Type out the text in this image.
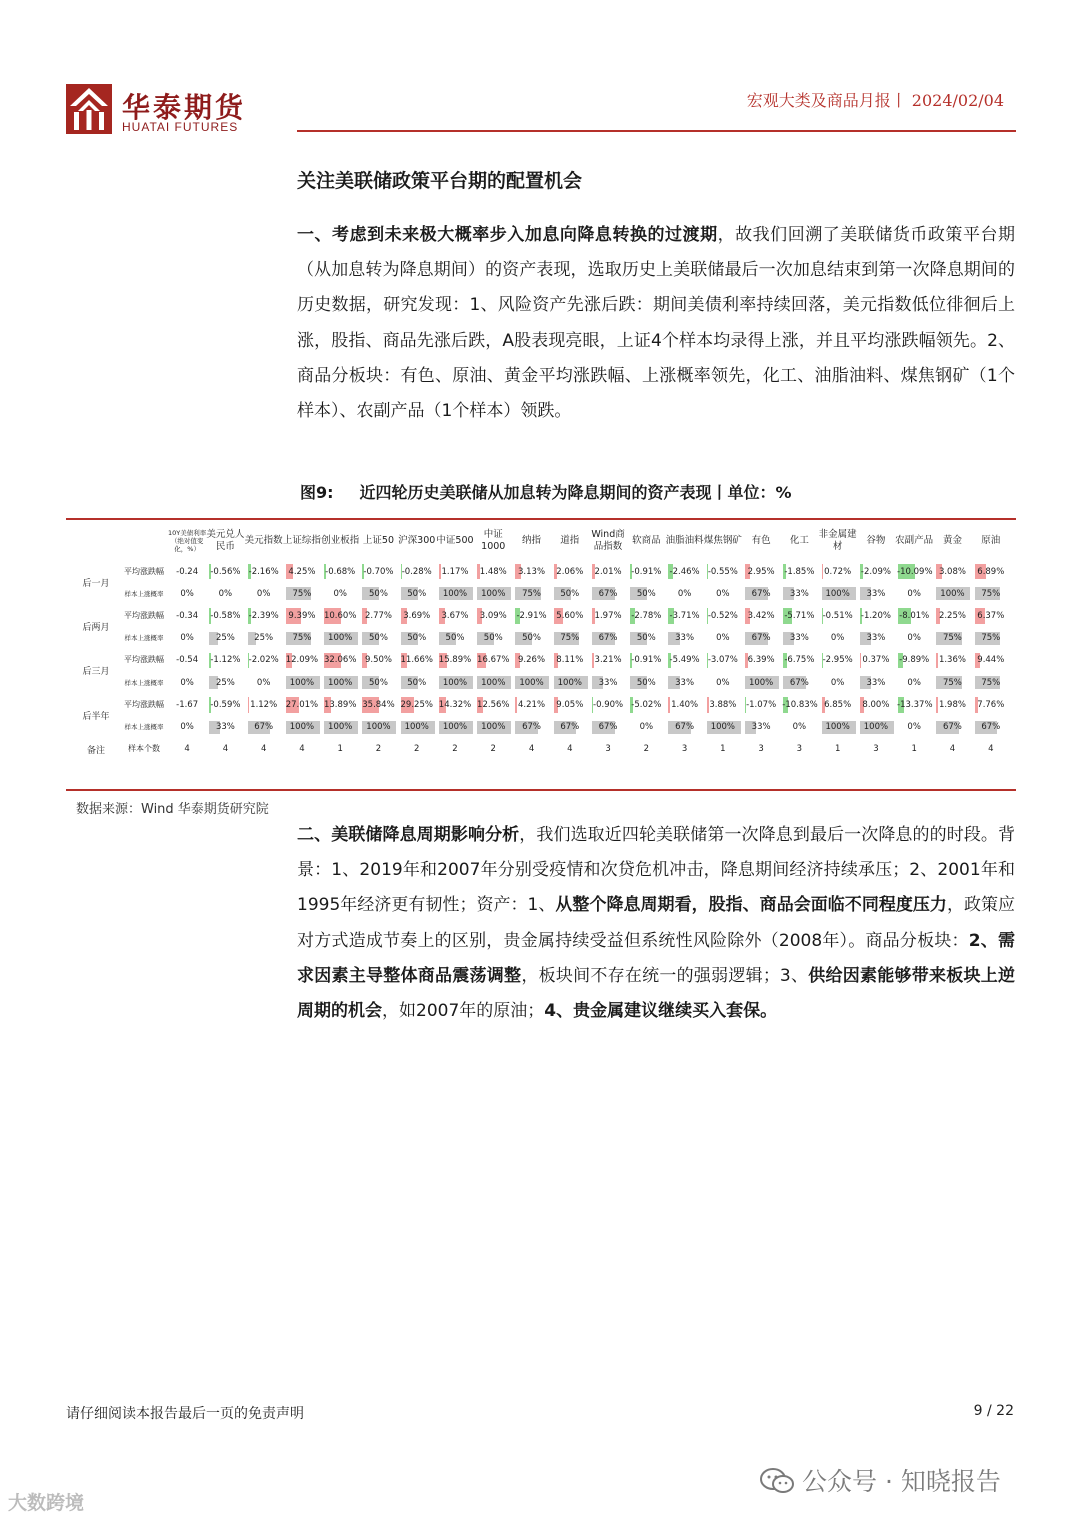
华泰期货
HUATAI FUTURES
宏观大类及商品月报丨 2024/02/04
关注美联储政策平台期的配置机会
一、考虑到未来极大概率步入加息向降息转换的过渡期，故我们回溯了美联储货币政策平台期（从加息转为降息期间）的资产表现，选取历史上美联储最后一次加息结束到第一次降息期间的历史数据，研究发现：1、风险资产先涨后跌：期间美债利率持续回落，美元指数低位徘徊后上涨，股指、商品先涨后跌，A股表现亮眼，上证4个样本均录得上涨，并且平均涨跌幅领先。2、商品分板块：有色、原油、黄金平均涨跌幅、上涨概率领先，化工、油脂油料、煤焦钢矿（1个样本）、农副产品（1个样本）领跌。
图9: 近四轮历史美联储从加息转为降息期间的资产表现丨单位：%
		10Y美债利率（绝对值变化，%）	美元兑人民币	美元指数	上证综指	创业板指	上证50	沪深300	中证500	中证1000	纳指	道指	Wind商品指数	软商品	油脂油料	煤焦钢矿	有色	化工	非金属建材	谷物	农副产品	黄金	原油
后一月	平均涨跌幅	-0.24	-0.56%	-2.16%	4.25%	-0.68%	-0.70%	-0.28%	1.17%	1.48%	3.13%	2.06%	2.01%	-0.91%	-2.46%	-0.55%	2.95%	-1.85%	0.72%	-2.09%	-10.09%	3.08%	6.89%
	样本上涨概率	0%	0%	0%	75%	0%	50%	50%	100%	100%	75%	50%	67%	50%	0%	0%	67%	33%	100%	33%	0%	100%	75%
后两月	平均涨跌幅	-0.34	-0.58%	-2.39%	9.39%	10.60%	2.77%	3.69%	3.67%	3.09%	-2.91%	5.60%	1.97%	-2.78%	-3.71%	-0.52%	3.42%	-5.71%	-0.51%	-1.20%	-8.01%	2.25%	6.37%
	样本上涨概率	0%	25%	25%	75%	100%	50%	50%	50%	50%	50%	75%	67%	50%	33%	0%	67%	33%	0%	33%	0%	75%	75%
后三月	平均涨跌幅	-0.54	-1.12%	-2.02%	12.09%	32.06%	9.50%	11.66%	15.89%	16.67%	9.26%	8.11%	3.21%	-0.91%	-5.49%	-3.07%	6.39%	-6.75%	-2.95%	0.37%	-9.89%	1.36%	9.44%
	样本上涨概率	0%	25%	0%	100%	100%	50%	50%	100%	100%	100%	100%	33%	50%	33%	0%	100%	67%	0%	33%	0%	75%	75%
后半年	平均涨跌幅	-1.67	-0.59%	1.12%	27.01%	13.89%	35.84%	29.25%	14.32%	12.56%	4.21%	9.05%	-0.90%	-5.02%	1.40%	3.88%	-1.07%	-10.83%	6.85%	8.00%	-13.37%	1.98%	7.76%
	样本上涨概率	0%	33%	67%	100%	100%	100%	100%	100%	100%	67%	67%	67%	0%	67%	100%	33%	0%	100%	100%	0%	67%	67%
备注	样本个数	4	4	4	4	1	2	2	2	2	4	4	3	2	3	1	3	3	1	3	1	4	4
数据来源：Wind 华泰期货研究院
二、美联储降息周期影响分析，我们选取近四轮美联储第一次降息到最后一次降息的的时段。背景：1、2019年和2007年分别受疫情和次贷危机冲击，降息期间经济持续承压；2、2001年和1995年经济更有韧性；资产：1、从整个降息周期看，股指、商品会面临不同程度压力，政策应对方式造成节奏上的区别，贵金属持续受益但系统性风险除外（2008年）。商品分板块：2、需求因素主导整体商品震荡调整，板块间不存在统一的强弱逻辑；3、供给因素能够带来板块上逆周期的机会，如2007年的原油；4、贵金属建议继续买入套保。
请仔细阅读本报告最后一页的免责声明	9 / 22
公众号 · 知晓报告
大数跨境
